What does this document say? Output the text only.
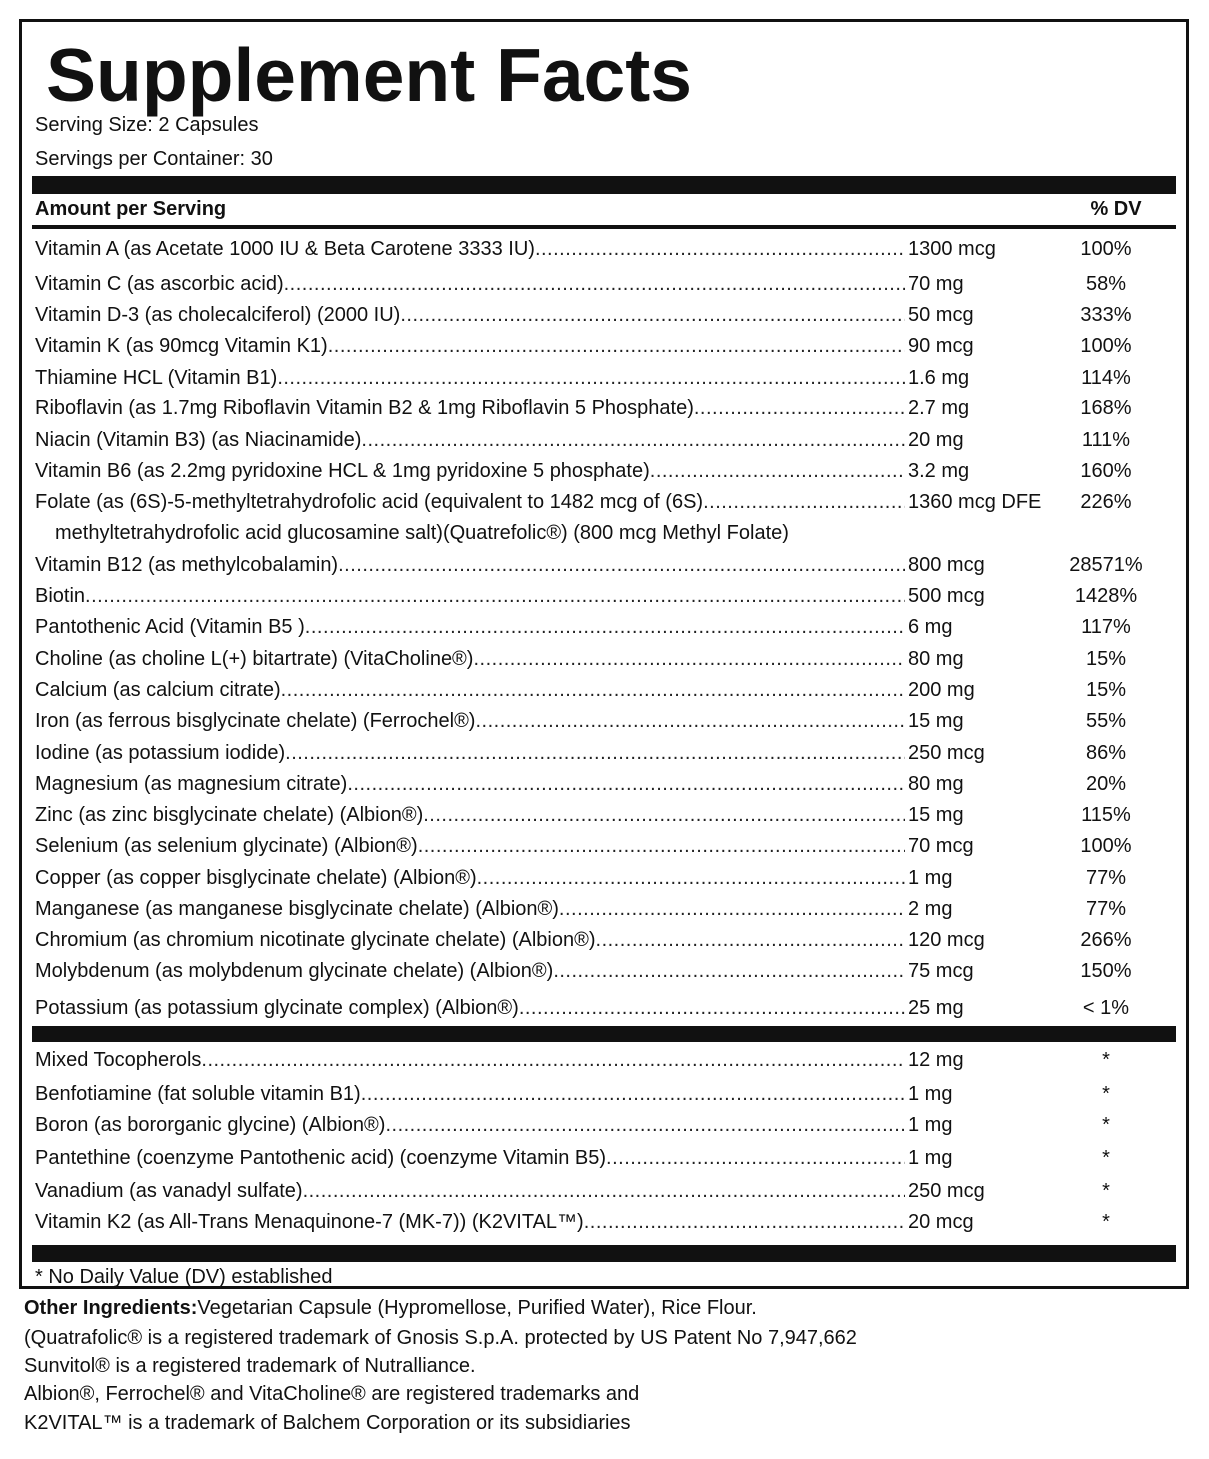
Supplement Facts
Serving Size: 2 Capsules
Servings per Container: 30
Amount per Serving	% DV
Vitamin A (as Acetate 1000 IU & Beta Carotene 3333 IU) .....	1300 mcg	100%
Vitamin C (as ascorbic acid) .....	70 mg	58%
Vitamin D-3 (as cholecalciferol) (2000 IU) .....	50 mcg	333%
Vitamin K (as 90mcg Vitamin K1) .....	90 mcg	100%
Thiamine HCL (Vitamin B1) .....	1.6 mg	114%
Riboflavin (as 1.7mg Riboflavin Vitamin B2 & 1mg Riboflavin 5 Phosphate) .....	2.7 mg	168%
Niacin (Vitamin B3) (as Niacinamide) .....	20 mg	111%
Vitamin B6 (as 2.2mg pyridoxine HCL & 1mg pyridoxine 5 phosphate) .....	3.2 mg	160%
Folate (as (6S)-5-methyltetrahydrofolic acid (equivalent to 1482 mcg of (6S) .....	1360 mcg DFE	226%
methyltetrahydrofolic acid glucosamine salt)(Quatrefolic®) (800 mcg Methyl Folate)
Vitamin B12 (as methylcobalamin) .....	800 mcg	28571%
Biotin .....	500 mcg	1428%
Pantothenic Acid (Vitamin B5 ) .....	6 mg	117%
Choline (as choline L(+) bitartrate) (VitaCholine®) .....	80 mg	15%
Calcium (as calcium citrate) .....	200 mg	15%
Iron (as ferrous bisglycinate chelate) (Ferrochel®) .....	15 mg	55%
Iodine (as potassium iodide) .....	250 mcg	86%
Magnesium (as magnesium citrate) .....	80 mg	20%
Zinc (as zinc bisglycinate chelate) (Albion®) .....	15 mg	115%
Selenium (as selenium glycinate) (Albion®) .....	70 mcg	100%
Copper (as copper bisglycinate chelate) (Albion®) .....	1 mg	77%
Manganese (as manganese bisglycinate chelate) (Albion®) .....	2 mg	77%
Chromium (as chromium nicotinate glycinate chelate) (Albion®) .....	120 mcg	266%
Molybdenum (as molybdenum glycinate chelate) (Albion®) .....	75 mcg	150%
Potassium (as potassium glycinate complex) (Albion®) .....	25 mg	< 1%
Mixed Tocopherols .....	12 mg	*
Benfotiamine (fat soluble vitamin B1) .....	1 mg	*
Boron (as bororganic glycine) (Albion®) .....	1 mg	*
Pantethine (coenzyme Pantothenic acid) (coenzyme Vitamin B5) .....	1 mg	*
Vanadium (as vanadyl sulfate) .....	250 mcg	*
Vitamin K2 (as All-Trans Menaquinone-7 (MK-7)) (K2VITAL™) .....	20 mcg	*
* No Daily Value (DV) established
Other Ingredients:Vegetarian Capsule (Hypromellose, Purified Water), Rice Flour.
(Quatrafolic® is a registered trademark of Gnosis S.p.A. protected by US Patent No 7,947,662
Sunvitol® is a registered trademark of Nutralliance.
Albion®, Ferrochel® and VitaCholine® are registered trademarks and
K2VITAL™ is a trademark of Balchem Corporation or its subsidiaries
